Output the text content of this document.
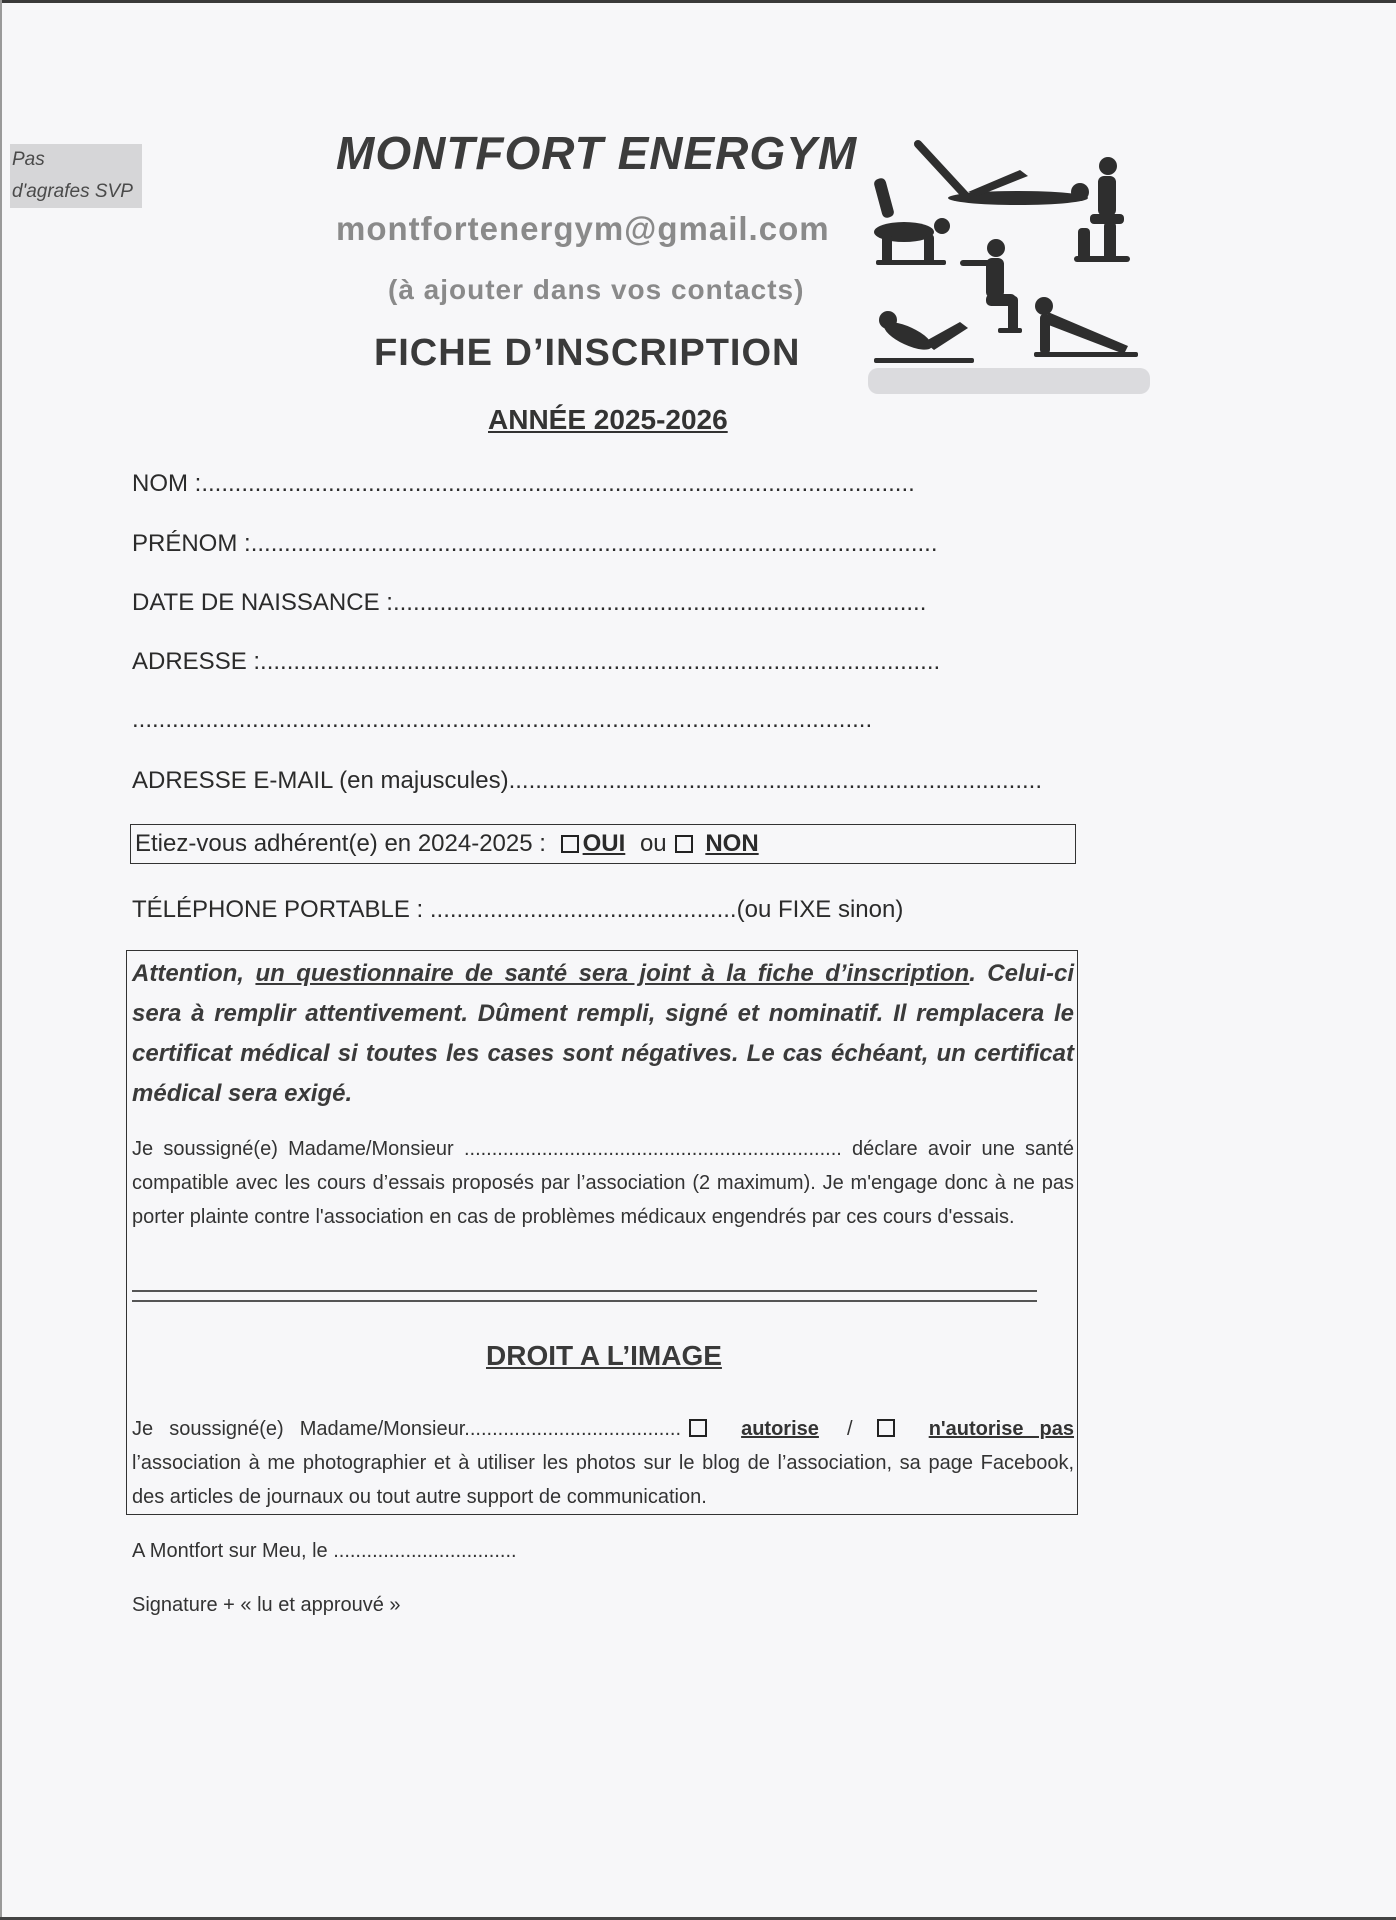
Pas
d'agrafes SVP
MONTFORT ENERGYM
montfortenergym@gmail.com
(à ajouter dans vos contacts)
FICHE D’INSCRIPTION
ANNÉE 2025-2026
NOM :...........................................................................................................
PRÉNOM :.......................................................................................................
DATE DE NAISSANCE :................................................................................
ADRESSE :......................................................................................................
...............................................................................................................
ADRESSE E-MAIL (en majuscules)................................................................................
Etiez-vous adhérent(e) en 2024-2025 : OUI ou NON
TÉLÉPHONE PORTABLE : ..............................................(ou FIXE sinon)
Attention, un questionnaire de santé sera joint à la fiche d’inscription. Celui-ci sera à remplir attentivement. Dûment rempli, signé et nominatif. Il remplacera le certificat médical si toutes les cases sont négatives. Le cas échéant, un certificat médical sera exigé.
Je soussigné(e) Madame/Monsieur .................................................................... déclare avoir une santé compatible avec les cours d’essais proposés par l’association (2 maximum). Je m'engage donc à ne pas porter plainte contre l'association en cas de problèmes médicaux engendrés par ces cours d'essais.
DROIT A L’IMAGE
Je soussigné(e) Madame/Monsieur.......................................	autorise /	n'autorise pas l’association à me photographier et à utiliser les photos sur le blog de l’association, sa page Facebook, des articles de journaux ou tout autre support de communication.
A Montfort sur Meu, le .................................
Signature + « lu et approuvé »
